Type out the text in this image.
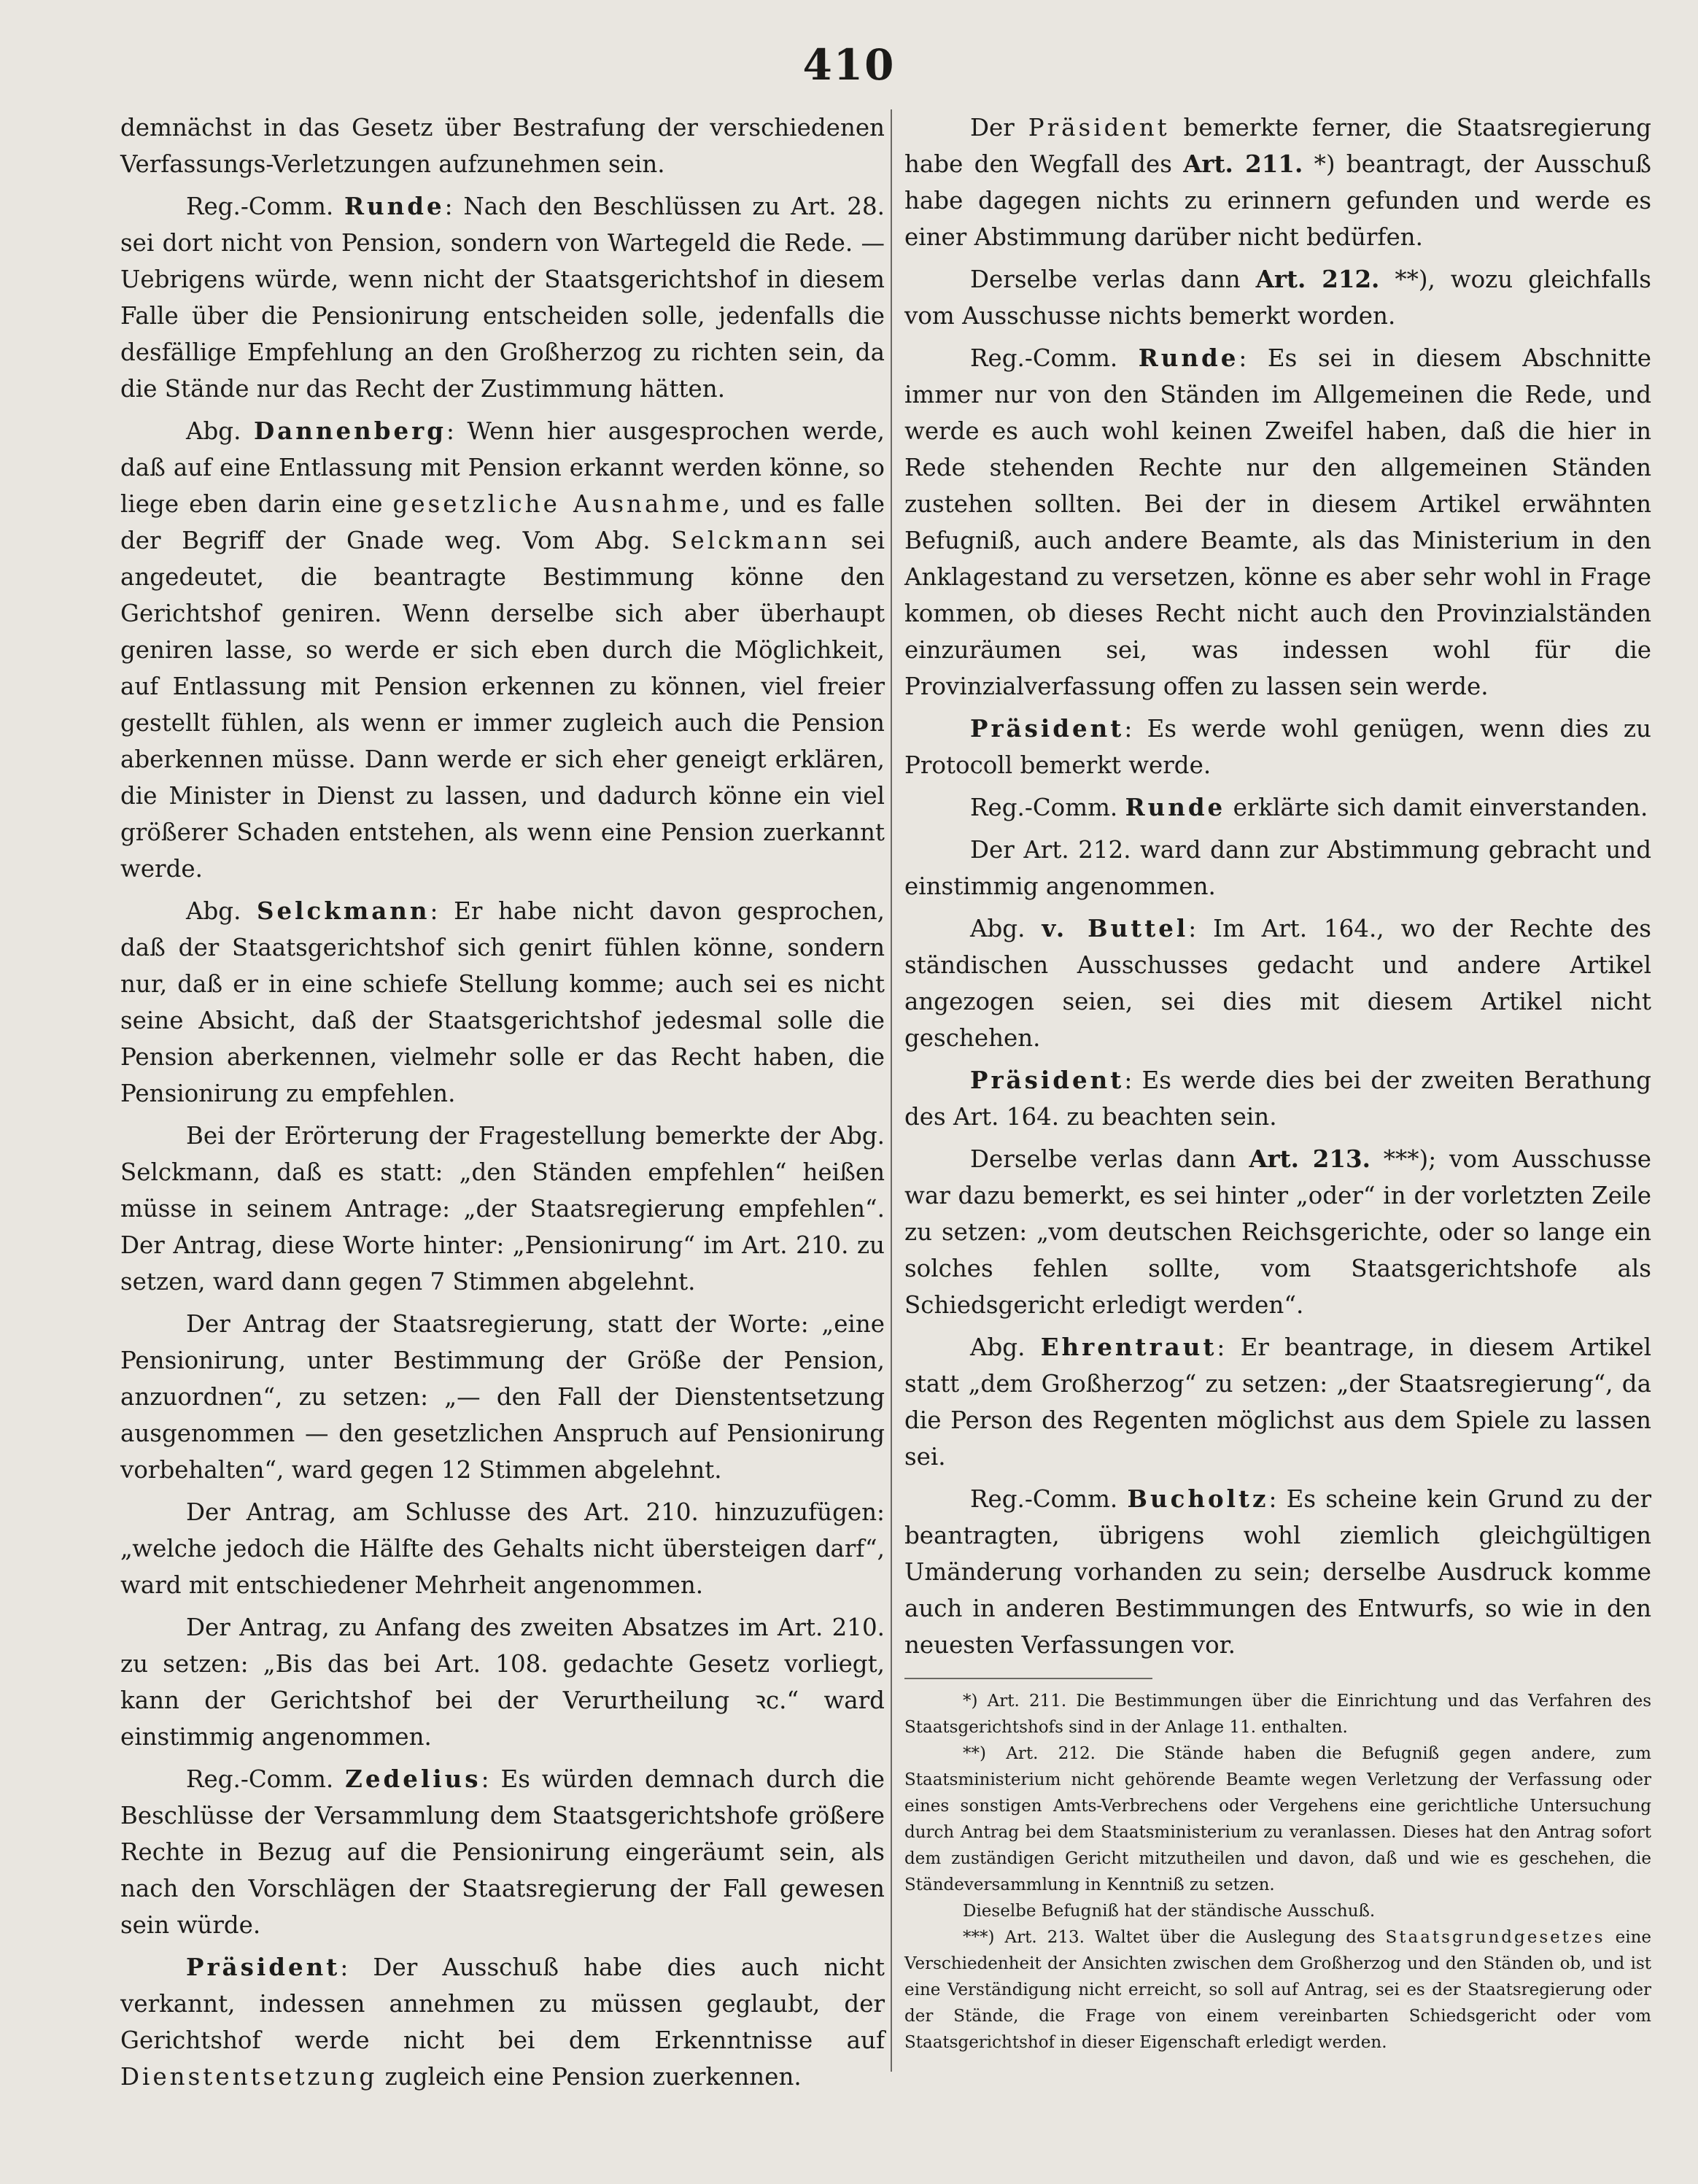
410

demnächst in das Gesetz über Bestrafung der verschiedenen Verfassungs-Verletzungen aufzunehmen sein.

Reg.-Comm. Runde: Nach den Beschlüssen zu Art. 28. sei dort nicht von Pension, sondern von Wartegeld die Rede. — Uebrigens würde, wenn nicht der Staatsgerichtshof in diesem Falle über die Pensionirung entscheiden solle, jedenfalls die desfällige Empfehlung an den Großherzog zu richten sein, da die Stände nur das Recht der Zustimmung hätten.

Abg. Dannenberg: Wenn hier ausgesprochen werde, daß auf eine Entlassung mit Pension erkannt werden könne, so liege eben darin eine gesetzliche Ausnahme, und es falle der Begriff der Gnade weg. Vom Abg. Selckmann sei angedeutet, die beantragte Bestimmung könne den Gerichtshof geniren. Wenn derselbe sich aber überhaupt geniren lasse, so werde er sich eben durch die Möglichkeit, auf Entlassung mit Pension erkennen zu können, viel freier gestellt fühlen, als wenn er immer zugleich auch die Pension aberkennen müsse. Dann werde er sich eher geneigt erklären, die Minister in Dienst zu lassen, und dadurch könne ein viel größerer Schaden entstehen, als wenn eine Pension zuerkannt werde.

Abg. Selckmann: Er habe nicht davon gesprochen, daß der Staatsgerichtshof sich genirt fühlen könne, sondern nur, daß er in eine schiefe Stellung komme; auch sei es nicht seine Absicht, daß der Staatsgerichtshof jedesmal solle die Pension aberkennen, vielmehr solle er das Recht haben, die Pensionirung zu empfehlen.

Bei der Erörterung der Fragestellung bemerkte der Abg. Selckmann, daß es statt: „den Ständen empfehlen“ heißen müsse in seinem Antrage: „der Staatsregierung empfehlen“. Der Antrag, diese Worte hinter: „Pensionirung“ im Art. 210. zu setzen, ward dann gegen 7 Stimmen abgelehnt.

Der Antrag der Staatsregierung, statt der Worte: „eine Pensionirung, unter Bestimmung der Größe der Pension, anzuordnen“, zu setzen: „— den Fall der Dienstentsetzung ausgenommen — den gesetzlichen Anspruch auf Pensionirung vorbehalten“, ward gegen 12 Stimmen abgelehnt.

Der Antrag, am Schlusse des Art. 210. hinzuzufügen: „welche jedoch die Hälfte des Gehalts nicht übersteigen darf“, ward mit entschiedener Mehrheit angenommen.

Der Antrag, zu Anfang des zweiten Absatzes im Art. 210. zu setzen: „Bis das bei Art. 108. gedachte Gesetz vorliegt, kann der Gerichtshof bei der Verurtheilung ꝛc.“ ward einstimmig angenommen.

Reg.-Comm. Zedelius: Es würden demnach durch die Beschlüsse der Versammlung dem Staatsgerichtshofe größere Rechte in Bezug auf die Pensionirung eingeräumt sein, als nach den Vorschlägen der Staatsregierung der Fall gewesen sein würde.

Präsident: Der Ausschuß habe dies auch nicht verkannt, indessen annehmen zu müssen geglaubt, der Gerichtshof werde nicht bei dem Erkenntnisse auf Dienstentsetzung zugleich eine Pension zuerkennen.

Der Präsident bemerkte ferner, die Staatsregierung habe den Wegfall des Art. 211. *) beantragt, der Ausschuß habe dagegen nichts zu erinnern gefunden und werde es einer Abstimmung darüber nicht bedürfen.

Derselbe verlas dann Art. 212. **), wozu gleichfalls vom Ausschusse nichts bemerkt worden.

Reg.-Comm. Runde: Es sei in diesem Abschnitte immer nur von den Ständen im Allgemeinen die Rede, und werde es auch wohl keinen Zweifel haben, daß die hier in Rede stehenden Rechte nur den allgemeinen Ständen zustehen sollten. Bei der in diesem Artikel erwähnten Befugniß, auch andere Beamte, als das Ministerium in den Anklagestand zu versetzen, könne es aber sehr wohl in Frage kommen, ob dieses Recht nicht auch den Provinzialständen einzuräumen sei, was indessen wohl für die Provinzialverfassung offen zu lassen sein werde.

Präsident: Es werde wohl genügen, wenn dies zu Protocoll bemerkt werde.

Reg.-Comm. Runde erklärte sich damit einverstanden.

Der Art. 212. ward dann zur Abstimmung gebracht und einstimmig angenommen.

Abg. v. Buttel: Im Art. 164., wo der Rechte des ständischen Ausschusses gedacht und andere Artikel angezogen seien, sei dies mit diesem Artikel nicht geschehen.

Präsident: Es werde dies bei der zweiten Berathung des Art. 164. zu beachten sein.

Derselbe verlas dann Art. 213. ***); vom Ausschusse war dazu bemerkt, es sei hinter „oder“ in der vorletzten Zeile zu setzen: „vom deutschen Reichsgerichte, oder so lange ein solches fehlen sollte, vom Staatsgerichtshofe als Schiedsgericht erledigt werden“.

Abg. Ehrentraut: Er beantrage, in diesem Artikel statt „dem Großherzog“ zu setzen: „der Staatsregierung“, da die Person des Regenten möglichst aus dem Spiele zu lassen sei.

Reg.-Comm. Bucholtz: Es scheine kein Grund zu der beantragten, übrigens wohl ziemlich gleichgültigen Umänderung vorhanden zu sein; derselbe Ausdruck komme auch in anderen Bestimmungen des Entwurfs, so wie in den neuesten Verfassungen vor.

*) Art. 211. Die Bestimmungen über die Einrichtung und das Verfahren des Staatsgerichtshofs sind in der Anlage 11. enthalten.

**) Art. 212. Die Stände haben die Befugniß gegen andere, zum Staatsministerium nicht gehörende Beamte wegen Verletzung der Verfassung oder eines sonstigen Amts-Verbrechens oder Vergehens eine gerichtliche Untersuchung durch Antrag bei dem Staatsministerium zu veranlassen. Dieses hat den Antrag sofort dem zuständigen Gericht mitzutheilen und davon, daß und wie es geschehen, die Ständeversammlung in Kenntniß zu setzen.

Dieselbe Befugniß hat der ständische Ausschuß.

***) Art. 213. Waltet über die Auslegung des Staatsgrundgesetzes eine Verschiedenheit der Ansichten zwischen dem Großherzog und den Ständen ob, und ist eine Verständigung nicht erreicht, so soll auf Antrag, sei es der Staatsregierung oder der Stände, die Frage von einem vereinbarten Schiedsgericht oder vom Staatsgerichtshof in dieser Eigenschaft erledigt werden.
